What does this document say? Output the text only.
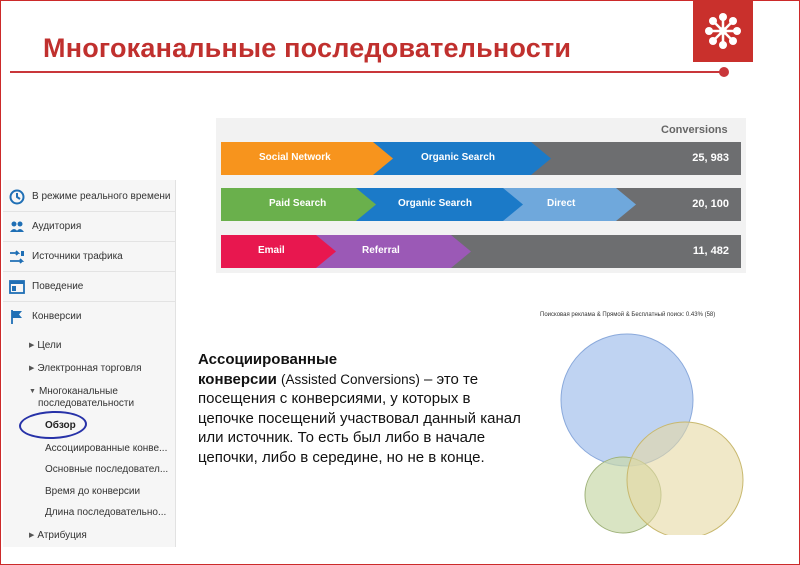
Многоканальные последовательности
В режиме реального времени
Аудитория
Источники трафика
Поведение
Конверсии
▶ Цели
▶ Электронная торговля
▼ Многоканальные
последовательности
Обзор
Ассоциированные конве...
Основные последовател...
Время до конверсии
Длина последовательно...
▶ Атрибуция
Conversions
Social Network	Organic Search	25, 983
Paid Search	Organic Search	Direct	20, 100
Email	Referral	11, 482
Ассоциированные
конверсии (Assisted Conversions) – это те посещения с конверсиями, у которых в цепочке посещений участвовал данный канал или источник. То есть был либо в начале цепочки, либо в середине, но не в конце.
Поисковая реклама & Прямой & Бесплатный поиск: 0.43% (58)
